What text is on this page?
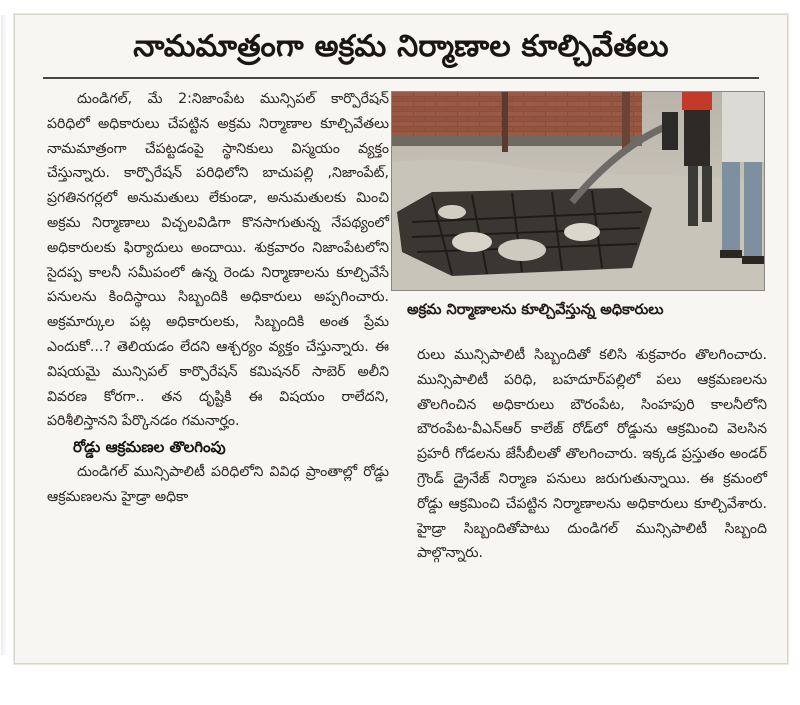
నామమాత్రంగా అక్రమ నిర్మాణాల కూల్చివేతలు

దుండిగల్, మే 2:నిజాంపేట మున్సిపల్ కార్పొరేషన్ పరిధిలో అధికారులు చేపట్టిన అక్రమ నిర్మాణాల కూల్చివేతలు నామమాత్రంగా చేపట్టడంపై స్థానికులు విస్మయం వ్యక్తం చేస్తున్నారు. కార్పొరేషన్ పరిధిలోని బాచుపల్లి ,నిజాంపేట్, ప్రగతినగర్లలో అనుమతులు లేకుండా, అనుమతులకు మించి అక్రమ నిర్మాణాలు విచ్చలవిడిగా కొనసాగుతున్న నేపథ్యంలో అధికారులకు ఫిర్యాదులు అందాయి. శుక్రవారం నిజాంపేటలోని సైదప్ప కాలనీ సమీపంలో ఉన్న రెండు నిర్మాణాలను కూల్చివేసే పనులను కిందిస్థాయి సిబ్బందికి అధికారులు అప్పగించారు. అక్రమార్కుల పట్ల అధికారులకు, సిబ్బందికి అంత ప్రేమ ఎందుకో...? తెలియడం లేదని ఆశ్చర్యం వ్యక్తం చేస్తున్నారు. ఈ విషయమై మున్సిపల్ కార్పొరేషన్ కమిషనర్ సాబెర్ అలీని వివరణ కోరగా.. తన దృష్టికి ఈ విషయం రాలేదని, పరిశీలిస్తానని పేర్కొనడం గమనార్హం.

రోడ్డు ఆక్రమణల తొలగింపు

దుండిగల్ మున్సిపాలిటీ పరిధిలోని వివిధ ప్రాంతాల్లో రోడ్డు ఆక్రమణలను హైడ్రా అధికా

అక్రమ నిర్మాణాలను కూల్చివేస్తున్న అధికారులు

రులు మున్సిపాలిటీ సిబ్బందితో కలిసి శుక్రవారం తొలగించారు. మున్సిపాలిటీ పరిధి, బహదూర్‌పల్లిలో పలు ఆక్రమణలను తొలగించిన అధికారులు బౌరంపేట, సింహపురి కాలనీలోని బౌరంపేట-వీఎన్‌ఆర్ కాలేజ్ రోడ్‌లో రోడ్డును ఆక్రమించి వెలసిన ప్రహరీ గోడలను జేసీబీలతో తొలగించారు. ఇక్కడ ప్రస్తుతం అండర్ గ్రౌండ్ డ్రైనేజ్ నిర్మాణ పనులు జరుగుతున్నాయి. ఈ క్రమంలో రోడ్డు ఆక్రమించి చేపట్టిన నిర్మాణాలను అధికారులు కూల్చివేశారు. హైడ్రా సిబ్బందితోపాటు దుండిగల్ మున్సిపాలిటీ సిబ్బంది పాల్గొన్నారు.
